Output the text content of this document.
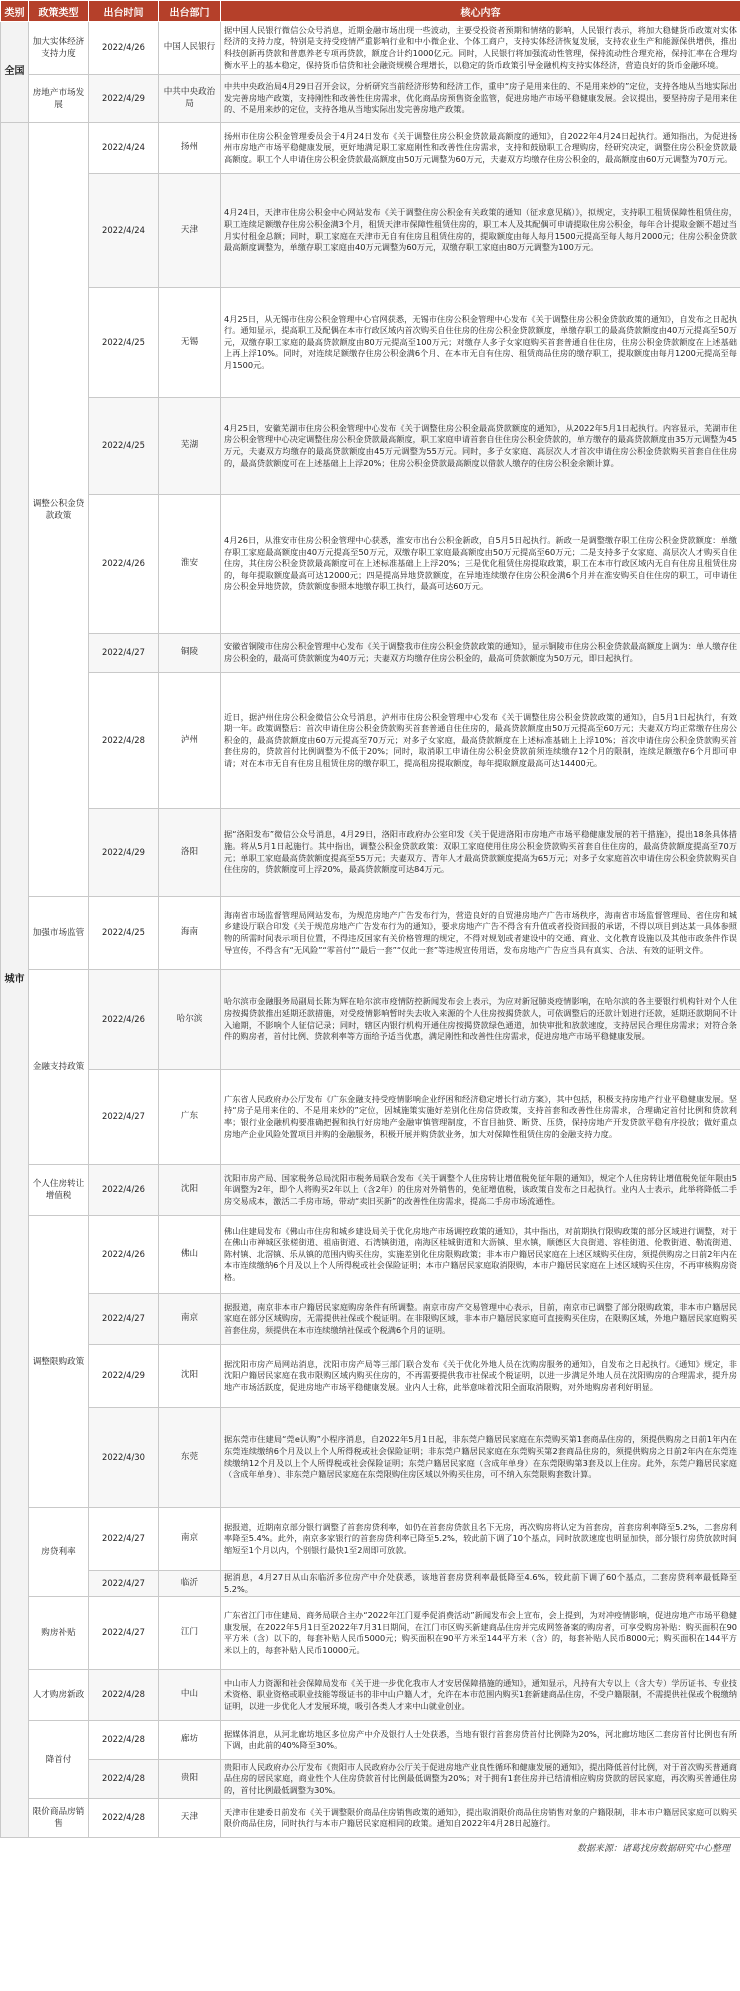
类别	政策类型	出台时间	出台部门	核心内容
全国	加大实体经济支持力度	2022/4/26	中国人民银行	据中国人民银行微信公众号消息，近期金融市场出现一些波动，主要受投资者预期和情绪的影响，人民银行表示，将加大稳健货币政策对实体经济的支持力度，特别是支持受疫情严重影响行业和中小微企业、个体工商户，支持实体经济恢复发展，支持农业生产和能源保供增供，推出科技创新再贷款和普惠养老专项再贷款，额度合计约1000亿元。同时，人民银行将加强流动性管理，保持流动性合理充裕，保持汇率在合理均衡水平上的基本稳定，保持货币信贷和社会融资规模合理增长，以稳定的货币政策引导金融机构支持实体经济，营造良好的货币金融环境。
	房地产市场发展	2022/4/29	中共中央政治局	中共中央政治局4月29日召开会议，分析研究当前经济形势和经济工作，重申“房子是用来住的、不是用来炒的”定位，支持各地从当地实际出发完善房地产政策，支持刚性和改善性住房需求，优化商品房预售资金监管，促进房地产市场平稳健康发展。会议提出，要坚持房子是用来住的、不是用来炒的定位，支持各地从当地实际出发完善房地产政策。
城市	调整公积金贷款政策	2022/4/24	扬州	扬州市住房公积金管理委员会于4月24日发布《关于调整住房公积金贷款最高额度的通知》，自2022年4月24日起执行。通知指出，为促进扬州市房地产市场平稳健康发展，更好地满足职工家庭刚性和改善性住房需求，支持和鼓励职工合理购房，经研究决定，调整住房公积金贷款最高额度。职工个人申请住房公积金贷款最高额度由50万元调整为60万元，夫妻双方均缴存住房公积金的，最高额度由60万元调整为70万元。
		2022/4/24	天津	4月24日，天津市住房公积金中心网站发布《关于调整住房公积金有关政策的通知（征求意见稿）》，拟规定，支持职工租赁保障性租赁住房，职工连续足额缴存住房公积金满3个月，租赁天津市保障性租赁住房的，职工本人及其配偶可申请提取住房公积金，每年合计提取金额不超过当月实付租金总额；同时，职工家庭在天津市无自有住房且租赁住房的，提取额度由每人每月1500元提高至每人每月2000元；住房公积金贷款最高额度调整为，单缴存职工家庭由40万元调整为60万元，双缴存职工家庭由80万元调整为100万元。
		2022/4/25	无锡	4月25日，从无锡市住房公积金管理中心官网获悉，无锡市住房公积金管理中心发布《关于调整住房公积金贷款政策的通知》，自发布之日起执行。通知显示，提高职工及配偶在本市行政区域内首次购买自住住房的住房公积金贷款额度，单缴存职工的最高贷款额度由40万元提高至50万元，双缴存职工家庭的最高贷款额度由80万元提高至100万元；对缴存人多子女家庭购买首套普通自住住房，住房公积金贷款额度在上述基础上再上浮10%。同时，对连续足额缴存住房公积金满6个月、在本市无自有住房、租赁商品住房的缴存职工，提取额度由每月1200元提高至每月1500元。
		2022/4/25	芜湖	4月25日，安徽芜湖市住房公积金管理中心发布《关于调整住房公积金最高贷款额度的通知》，从2022年5月1日起执行。内容显示，芜湖市住房公积金管理中心决定调整住房公积金贷款最高额度，职工家庭申请首套自住住房公积金贷款的，单方缴存的最高贷款额度由35万元调整为45万元，夫妻双方均缴存的最高贷款额度由45万元调整为55万元。同时，多子女家庭、高层次人才首次申请住房公积金贷款购买首套自住住房的，最高贷款额度可在上述基础上上浮20%；住房公积金贷款最高额度以借款人缴存的住房公积金余额计算。
		2022/4/26	淮安	4月26日，从淮安市住房公积金管理中心获悉，淮安市出台公积金新政，自5月5日起执行。新政一是调整缴存职工住房公积金贷款额度：单缴存职工家庭最高额度由40万元提高至50万元，双缴存职工家庭最高额度由50万元提高至60万元；二是支持多子女家庭、高层次人才购买自住住房，其住房公积金贷款最高额度可在上述标准基础上上浮20%；三是优化租赁住房提取政策，职工在本市行政区域内无自有住房且租赁住房的，每年提取额度最高可达12000元；四是提高异地贷款额度，在异地连续缴存住房公积金满6个月并在淮安购买自住住房的职工，可申请住房公积金异地贷款，贷款额度参照本地缴存职工执行，最高可达60万元。
		2022/4/27	铜陵	安徽省铜陵市住房公积金管理中心发布《关于调整我市住房公积金贷款政策的通知》，显示铜陵市住房公积金贷款最高额度上调为：单人缴存住房公积金的，最高可贷款额度为40万元；夫妻双方均缴存住房公积金的，最高可贷款额度为50万元，即日起执行。
		2022/4/28	泸州	近日，据泸州住房公积金微信公众号消息，泸州市住房公积金管理中心发布《关于调整住房公积金贷款政策的通知》，自5月1日起执行，有效期一年。政策调整后：首次申请住房公积金贷款购买首套普通自住住房的，最高贷款额度由50万元提高至60万元；夫妻双方均正常缴存住房公积金的，最高贷款额度由60万元提高至70万元；对多子女家庭，最高贷款额度在上述标准基础上上浮10%；首次申请住房公积金贷款购买首套住房的，贷款首付比例调整为不低于20%；同时，取消职工申请住房公积金贷款前须连续缴存12个月的限制，连续足额缴存6个月即可申请；对在本市无自有住房且租赁住房的缴存职工，提高租房提取额度，每年提取额度最高可达14400元。
		2022/4/29	洛阳	据“洛阳发布”微信公众号消息，4月29日，洛阳市政府办公室印发《关于促进洛阳市房地产市场平稳健康发展的若干措施》，提出18条具体措施。将从5月1日起施行。其中指出，调整公积金贷款政策：双职工家庭使用住房公积金贷款购买首套自住住房的，最高贷款额度提高至70万元；单职工家庭最高贷款额度提高至55万元；夫妻双方、青年人才最高贷款额度提高为65万元；对多子女家庭首次申请住房公积金贷款购买自住住房的，贷款额度可上浮20%，最高贷款额度可达84万元。
	加强市场监管	2022/4/25	海南	海南省市场监督管理局网站发布，为规范房地产广告发布行为，营造良好的自贸港房地产广告市场秩序，海南省市场监督管理局、省住房和城乡建设厅联合印发《关于规范房地产广告发布行为的通知》，要求房地产广告不得含有升值或者投资回报的承诺，不得以项目到达某一具体参照物的所需时间表示项目位置，不得违反国家有关价格管理的规定，不得对规划或者建设中的交通、商业、文化教育设施以及其他市政条件作误导宣传，不得含有“无风险”“零首付”“最后一套”“仅此一套”等违规宣传用语，发布房地产广告应当具有真实、合法、有效的证明文件。
	金融支持政策	2022/4/26	哈尔滨	哈尔滨市金融服务局副局长陈为辉在哈尔滨市疫情防控新闻发布会上表示，为应对新冠肺炎疫情影响，在哈尔滨的各主要银行机构针对个人住房按揭贷款推出延期还款措施，对受疫情影响暂时失去收入来源的个人住房按揭贷款人，可依调整后的还款计划进行还款，延期还款期间不计入逾期，不影响个人征信记录；同时，辖区内银行机构开通住房按揭贷款绿色通道，加快审批和放款速度，支持居民合理住房需求；对符合条件的购房者，首付比例、贷款利率等方面给予适当优惠，满足刚性和改善性住房需求，促进房地产市场平稳健康发展。
		2022/4/27	广东	广东省人民政府办公厅发布《广东金融支持受疫情影响企业纾困和经济稳定增长行动方案》，其中包括，积极支持房地产行业平稳健康发展。坚持“房子是用来住的、不是用来炒的”定位，因城施策实施好差别化住房信贷政策，支持首套和改善性住房需求，合理确定首付比例和贷款利率；银行业金融机构要准确把握和执行好房地产金融审慎管理制度，不盲目抽贷、断贷、压贷，保持房地产开发贷款平稳有序投放；做好重点房地产企业风险处置项目并购的金融服务，积极开展并购贷款业务，加大对保障性租赁住房的金融支持力度。
	个人住房转让增值税	2022/4/26	沈阳	沈阳市房产局、国家税务总局沈阳市税务局联合发布《关于调整个人住房转让增值税免征年限的通知》，规定个人住房转让增值税免征年限由5年调整为2年，即个人将购买2年以上（含2年）的住房对外销售的，免征增值税，该政策自发布之日起执行。业内人士表示，此举将降低二手房交易成本，激活二手房市场，带动“卖旧买新”的改善性住房需求，提高二手房市场流通性。
	调整限购政策	2022/4/26	佛山	佛山住建局发布《佛山市住房和城乡建设局关于优化房地产市场调控政策的通知》，其中指出，对前期执行限购政策的部分区域进行调整，对于在佛山市禅城区张槎街道、祖庙街道、石湾镇街道，南海区桂城街道和大沥镇、里水镇，顺德区大良街道、容桂街道、伦教街道、勒流街道、陈村镇、北滘镇、乐从镇的范围内购买住房，实施差别化住房限购政策；非本市户籍居民家庭在上述区域购买住房，须提供购房之日前2年内在本市连续缴纳6个月及以上个人所得税或社会保险证明；本市户籍居民家庭取消限购，本市户籍居民家庭在上述区域购买住房，不再审核购房资格。
		2022/4/27	南京	据报道，南京非本市户籍居民家庭购房条件有所调整。南京市房产交易管理中心表示，目前，南京市已调整了部分限购政策，非本市户籍居民家庭在部分区域购房，无需提供社保或个税证明。在非限购区域，非本市户籍居民家庭可直接购买住房，在限购区域，外地户籍居民家庭购买首套住房，须提供在本市连续缴纳社保或个税满6个月的证明。
		2022/4/29	沈阳	据沈阳市房产局网站消息，沈阳市房产局等三部门联合发布《关于优化外地人员在沈购房服务的通知》，自发布之日起执行。《通知》规定，非沈阳户籍居民家庭在我市限购区域内购买住房的，不再需要提供我市社保或个税证明，以进一步满足外地人员在沈阳购房的合理需求，提升房地产市场活跃度，促进房地产市场平稳健康发展。业内人士称，此举意味着沈阳全面取消限购，对外地购房者利好明显。
		2022/4/30	东莞	据东莞市住建局“莞e认购”小程序消息，自2022年5月1日起，非东莞户籍居民家庭在东莞购买第1套商品住房的，须提供购房之日前1年内在东莞连续缴纳6个月及以上个人所得税或社会保险证明；非东莞户籍居民家庭在东莞购买第2套商品住房的，须提供购房之日前2年内在东莞连续缴纳12个月及以上个人所得税或社会保险证明；东莞户籍居民家庭（含成年单身）在东莞限购第3套及以上住房。此外，东莞户籍居民家庭（含成年单身）、非东莞户籍居民家庭在东莞限购住房区域以外购买住房，可不纳入东莞限购套数计算。
	房贷利率	2022/4/27	南京	据报道，近期南京部分银行调整了首套房贷利率，如仍在首套房贷款且名下无房，再次购房将认定为首套房，首套房利率降至5.2%，二套房利率降至5.4%。此外，南京多家银行的首套房贷利率已降至5.2%，较此前下调了10个基点，同时放款速度也明显加快，部分银行房贷放款时间缩短至1个月以内，个别银行最快1至2周即可放款。
		2022/4/27	临沂	据消息，4月27日从山东临沂多位房产中介处获悉，该地首套房贷利率最低降至4.6%，较此前下调了60个基点，二套房贷利率最低降至5.2%。
	购房补贴	2022/4/27	江门	广东省江门市住建局、商务局联合主办“2022年江门夏季促消费活动”新闻发布会上宣布，会上提到，为对冲疫情影响，促进房地产市场平稳健康发展，在2022年5月1日至2022年7月31日期间，在江门市区购买新建商品住房并完成网签备案的购房者，可享受购房补贴：购买面积在90平方米（含）以下的，每套补贴人民币5000元；购买面积在90平方米至144平方米（含）的，每套补贴人民币8000元；购买面积在144平方米以上的，每套补贴人民币10000元。
	人才购房新政	2022/4/28	中山	中山市人力资源和社会保障局发布《关于进一步优化我市人才安居保障措施的通知》，通知显示，凡持有大专以上（含大专）学历证书、专业技术资格、职业资格或职业技能等级证书的非中山户籍人才，允许在本市范围内购买1套新建商品住房，不受户籍限制，不需提供社保或个税缴纳证明，以进一步优化人才发展环境，吸引各类人才来中山就业创业。
	降首付	2022/4/28	廊坊	据媒体消息，从河北廊坊地区多位房产中介及银行人士处获悉，当地有银行首套房贷首付比例降为20%，河北廊坊地区二套房首付比例也有所下调，由此前的40%降至30%。
		2022/4/28	贵阳	贵阳市人民政府办公厅发布《贵阳市人民政府办公厅关于促进房地产业良性循环和健康发展的通知》，提出降低首付比例，对于首次购买普通商品住房的居民家庭，商业性个人住房贷款首付比例最低调整为20%；对于拥有1套住房并已结清相应购房贷款的居民家庭，再次购买普通住房的，首付比例最低调整为30%。
	限价商品房销售	2022/4/28	天津	天津市住建委日前发布《关于调整限价商品住房销售政策的通知》，提出取消限价商品住房销售对象的户籍限制，非本市户籍居民家庭可以购买限价商品住房，同时执行与本市户籍居民家庭相同的政策。通知自2022年4月28日起施行。
数据来源：诸葛找房数据研究中心整理
